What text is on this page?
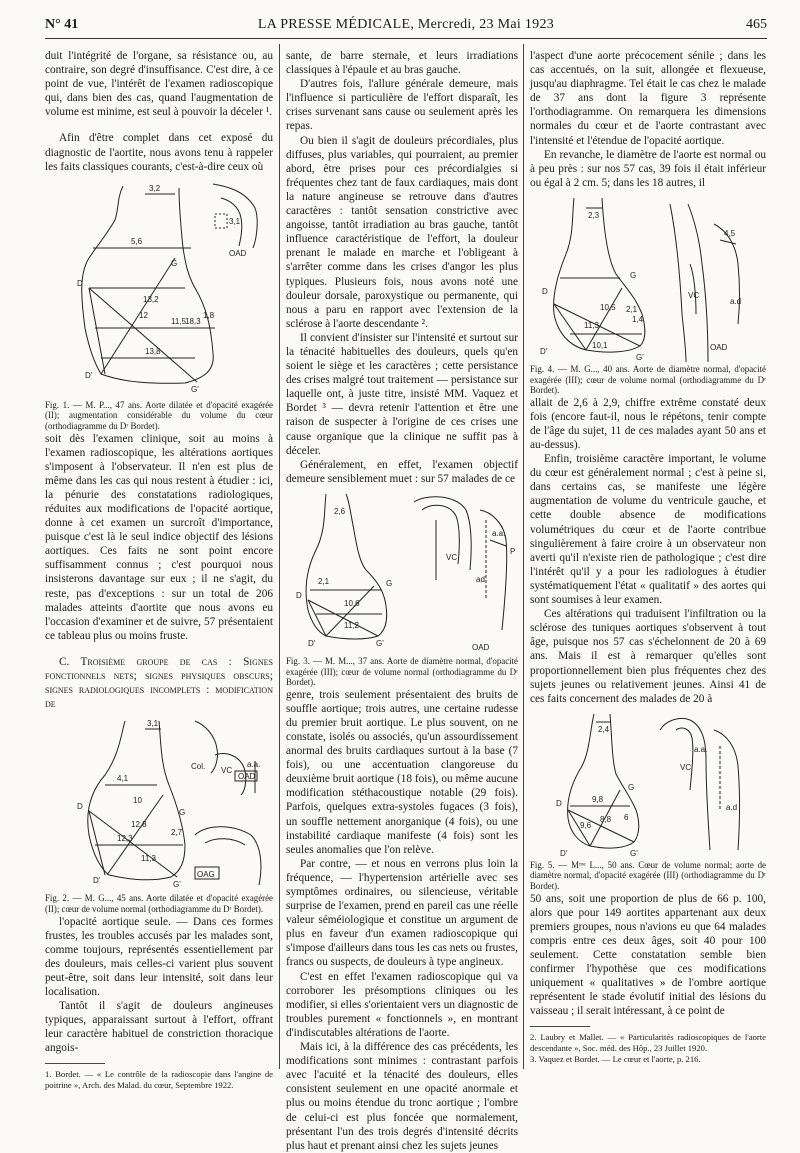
N° 41	LA PRESSE MÉDICALE, Mercredi, 23 Mai 1923	465

duit l'intégrité de l'organe, sa résistance ou, au contraire, son degré d'insuffisance. C'est dire, à ce point de vue, l'intérêt de l'examen radioscopique qui, dans bien des cas, quand l'augmentation de volume est minime, est seul à pouvoir la déceler ¹.

Afin d'être complet dans cet exposé du diagnostic de l'aortite, nous avons tenu à rappeler les faits classiques courants, c'est-à-dire ceux où

3,2
5,6
D
G
13,2
12
11,5 18,3
1,8
D'
13,8
G'
OAD
3,1

Fig. 1. — M. P..., 47 ans. Aorte dilatée et d'opacité exagérée (II); augmentation considérable du volume du cœur (orthodiagramme du Dʳ Bordet).

soit dès l'examen clinique, soit au moins à l'examen radioscopique, les altérations aortiques s'imposent à l'observateur. Il n'en est plus de même dans les cas qui nous restent à étudier : ici, la pénurie des constatations radiologiques, réduites aux modifications de l'opacité aortique, donne à cet examen un surcroît d'importance, puisque c'est là le seul indice objectif des lésions aortiques. Ces faits ne sont point encore suffisamment connus ; c'est pourquoi nous insisterons davantage sur eux ; il ne s'agit, du reste, pas d'exceptions : sur un total de 206 malades atteints d'aortite que nous avons eu l'occasion d'examiner et de suivre, 57 présentaient ce tableau plus ou moins fruste.

C. Troisième groupe de cas : Signes fonctionnels nets; signes physiques obscurs; signes radiologiques incomplets : modification de

3,1
4,1
D
10
12,8
11,3
12,3
2,7
G
D'	G'
Col. VC
a.a.
OAD
OAG

Fig. 2. — M. G..., 45 ans. Aorte dilatée et d'opacité exagérée (II); cœur de volume normal (orthodiagramme du Dʳ Bordet).

l'opacité aortique seule. — Dans ces formes frustes, les troubles accusés par les malades sont, comme toujours, représentés essentiellement par des douleurs, mais celles-ci varient plus souvent peut-être, soit dans leur intensité, soit dans leur localisation.

Tantôt il s'agit de douleurs angineuses typiques, apparaissant surtout à l'effort, offrant leur caractère habituel de constriction thoracique angois-

1. Bordet. — « Le contrôle de la radioscopie dans l'angine de poitrine », Arch. des Malad. du cœur, Septembre 1922.

sante, de barre sternale, et leurs irradiations classiques à l'épaule et au bras gauche.

D'autres fois, l'allure générale demeure, mais l'influence si particulière de l'effort disparaît, les crises survenant sans cause ou seulement après les repas.

Ou bien il s'agit de douleurs précordiales, plus diffuses, plus variables, qui pourraient, au premier abord, être prises pour ces précordialgies si fréquentes chez tant de faux cardiaques, mais dont la nature angineuse se retrouve dans d'autres caractères : tantôt sensation constrictive avec angoisse, tantôt irradiation au bras gauche, tantôt influence caractéristique de l'effort, la douleur prenant le malade en marche et l'obligeant à s'arrêter comme dans les crises d'angor les plus typiques. Plusieurs fois, nous avons noté une douleur dorsale, paroxystique ou permanente, qui nous a paru en rapport avec l'extension de la sclérose à l'aorte descendante ².

Il convient d'insister sur l'intensité et surtout sur la ténacité habituelles des douleurs, quels qu'en soient le siège et les caractères ; cette persistance des crises malgré tout traitement — persistance sur laquelle ont, à juste titre, insisté MM. Vaquez et Bordet ³ — devra retenir l'attention et être une raison de suspecter à l'origine de ces crises une cause organique que la clinique ne suffit pas à déceler.

Généralement, en effet, l'examen objectif demeure sensiblement muet : sur 57 malades de ce

2,6
D
G
10,6
11,2
D'	G'
VC
a.a.
P
ad
OAD
2,1

Fig. 3. — M. M..., 37 ans. Aorte de diamètre normal, d'opacité exagérée (III); cœur de volume normal (orthodiagramme du Dʳ Bordet).

genre, trois seulement présentaient des bruits de souffle aortique; trois autres, une certaine rudesse du premier bruit aortique. Le plus souvent, on ne constate, isolés ou associés, qu'un assourdissement anormal des bruits cardiaques surtout à la base (7 fois), ou une accentuation clangoreuse du deuxième bruit aortique (18 fois), ou même aucune modification stéthacoustique notable (29 fois). Parfois, quelques extra-systoles fugaces (3 fois), un souffle nettement anorganique (4 fois), ou une instabilité cardiaque manifeste (4 fois) sont les seules anomalies que l'on relève.

Par contre, — et nous en verrons plus loin la fréquence, — l'hypertension artérielle avec ses symptômes ordinaires, ou silencieuse, véritable surprise de l'examen, prend en pareil cas une réelle valeur séméiologique et constitue un argument de plus en faveur d'un examen radioscopique qui s'impose d'ailleurs dans tous les cas nets ou frustes, francs ou suspects, de douleurs à type angineux.

C'est en effet l'examen radioscopique qui va corroborer les présomptions cliniques ou les modifier, si elles s'orientaient vers un diagnostic de troubles purement « fonctionnels », en montrant d'indiscutables altérations de l'aorte.

Mais ici, à la différence des cas précédents, les modifications sont minimes : contrastant parfois avec l'acuité et la ténacité des douleurs, elles consistent seulement en une opacité anormale et plus ou moins étendue du tronc aortique ; l'ombre de celui-ci est plus foncée que normalement, présentant l'un des trois degrés d'intensité décrits plus haut et prenant ainsi chez les sujets jeunes

l'aspect d'une aorte précocement sénile ; dans les cas accentués, on la suit, allongée et flexueuse, jusqu'au diaphragme. Tel était le cas chez le malade de 37 ans dont la figure 3 représente l'orthodiagramme. On remarquera les dimensions normales du cœur et de l'aorte contrastant avec l'intensité et l'étendue de l'opacité aortique.

En revanche, le diamètre de l'aorte est normal ou à peu près : sur nos 57 cas, 39 fois il était inférieur ou égal à 2 cm. 5; dans les 18 autres, il

2,3
D
G
10,5
11,3
10,1
2,1
1,4
D'
G'
VC
4,5
a.d
OAD

Fig. 4. — M. G..., 40 ans. Aorte de diamètre normal, d'opacité exagérée (III); cœur de volume normal (orthodiagramme du Dʳ Bordet).

allait de 2,6 à 2,9, chiffre extrême constaté deux fois (encore faut-il, nous le répétons, tenir compte de l'âge du sujet, 11 de ces malades ayant 50 ans et au-dessus).

Enfin, troisième caractère important, le volume du cœur est généralement normal ; c'est à peine si, dans certains cas, se manifeste une légère augmentation de volume du ventricule gauche, et cette double absence de modifications volumétriques du cœur et de l'aorte contribue singulièrement à faire croire à un observateur non averti qu'il n'existe rien de pathologique ; c'est dire l'intérêt qu'il y a pour les radiologues à étudier systématiquement l'état « qualitatif » des aortes qui sont soumises à leur examen.

Ces altérations qui traduisent l'infiltration ou la sclérose des tuniques aortiques s'observent à tout âge, puisque nos 57 cas s'échelonnent de 20 à 69 ans. Mais il est à remarquer qu'elles sont proportionnellement bien plus fréquentes chez des sujets jeunes ou relativement jeunes. Ainsi 41 de ces faits concernent des malades de 20 à

2,4
G
D	9,8
9,6
8,8 6
D'	G'
VC
a.a.
a.d

Fig. 5. — Mᵐᵉ L..., 50 ans. Cœur de volume normal; aorte de diamètre normal, d'opacité exagérée (III) (orthodiagramme du Dʳ Bordet).

50 ans, soit une proportion de plus de 66 p. 100, alors que pour 149 aortites appartenant aux deux premiers groupes, nous n'avions eu que 64 malades compris entre ces deux âges, soit 40 pour 100 seulement. Cette constatation semble bien confirmer l'hypothèse que ces modifications uniquement « qualitatives » de l'ombre aortique représentent le stade évolutif initial des lésions du vaisseau ; il serait intéressant, à ce point de

2. Laubry et Mallet. — « Particularités radioscopiques de l'aorte descendante », Soc. méd. des Hôp., 23 Juillet 1920.

3. Vaquez et Bordet. — Le cœur et l'aorte, p. 216.
